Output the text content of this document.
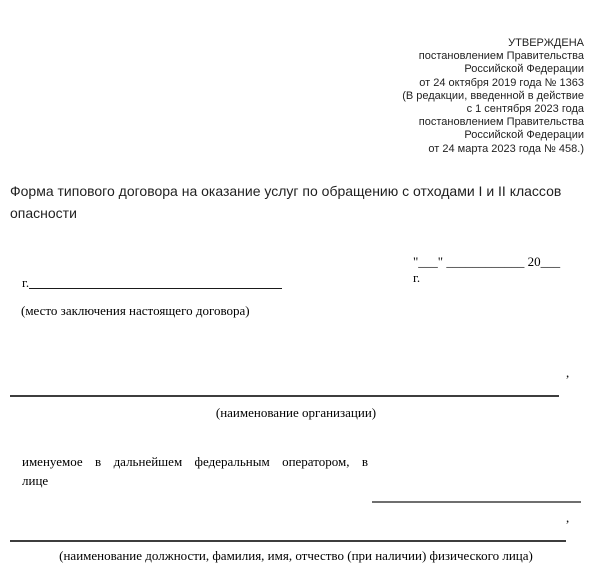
УТВЕРЖДЕНА
постановлением Правительства
Российской Федерации
от 24 октября 2019 года № 1363
(В редакции, введенной в действие
с 1 сентября 2023 года
постановлением Правительства
Российской Федерации
от 24 марта 2023 года № 458.)
Форма типового договора на оказание услуг по обращению с отходами I и II классов опасности
г.
"___" ____________ 20___
г.
(место заключения настоящего договора)
,
(наименование организации)
именуемое в дальнейшем федеральным оператором, в
лице
,
(наименование должности, фамилия, имя, отчество (при наличии) физического лица)
